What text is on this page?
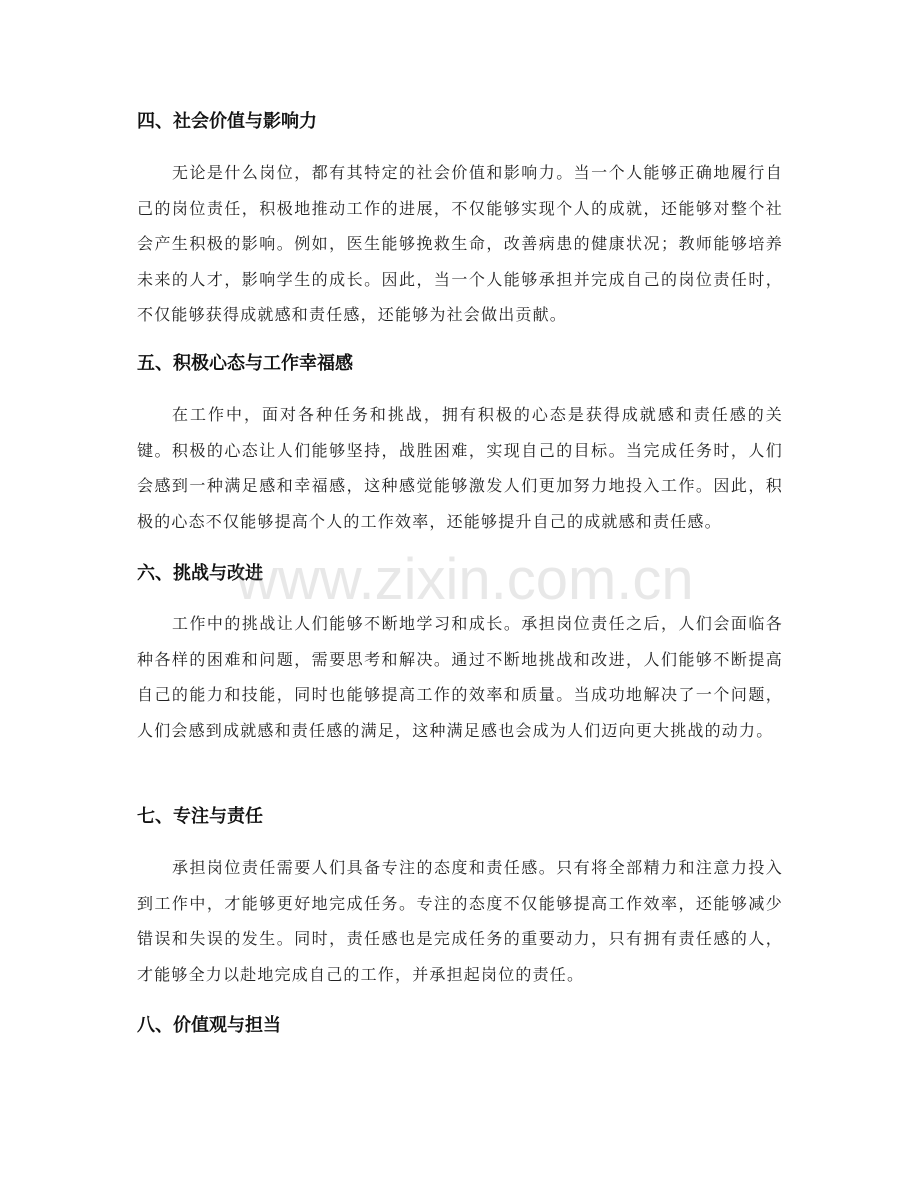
四、社会价值与影响力

无论是什么岗位，都有其特定的社会价值和影响力。当一个人能够正确地履行自己的岗位责任，积极地推动工作的进展，不仅能够实现个人的成就，还能够对整个社会产生积极的影响。例如，医生能够挽救生命，改善病患的健康状况；教师能够培养未来的人才，影响学生的成长。因此，当一个人能够承担并完成自己的岗位责任时，不仅能够获得成就感和责任感，还能够为社会做出贡献。

五、积极心态与工作幸福感

在工作中，面对各种任务和挑战，拥有积极的心态是获得成就感和责任感的关键。积极的心态让人们能够坚持，战胜困难，实现自己的目标。当完成任务时，人们会感到一种满足感和幸福感，这种感觉能够激发人们更加努力地投入工作。因此，积极的心态不仅能够提高个人的工作效率，还能够提升自己的成就感和责任感。

六、挑战与改进

工作中的挑战让人们能够不断地学习和成长。承担岗位责任之后，人们会面临各种各样的困难和问题，需要思考和解决。通过不断地挑战和改进，人们能够不断提高自己的能力和技能，同时也能够提高工作的效率和质量。当成功地解决了一个问题，人们会感到成就感和责任感的满足，这种满足感也会成为人们迈向更大挑战的动力。

七、专注与责任

承担岗位责任需要人们具备专注的态度和责任感。只有将全部精力和注意力投入到工作中，才能够更好地完成任务。专注的态度不仅能够提高工作效率，还能够减少错误和失误的发生。同时，责任感也是完成任务的重要动力，只有拥有责任感的人，才能够全力以赴地完成自己的工作，并承担起岗位的责任。

八、价值观与担当
www.zixin.com.cn
